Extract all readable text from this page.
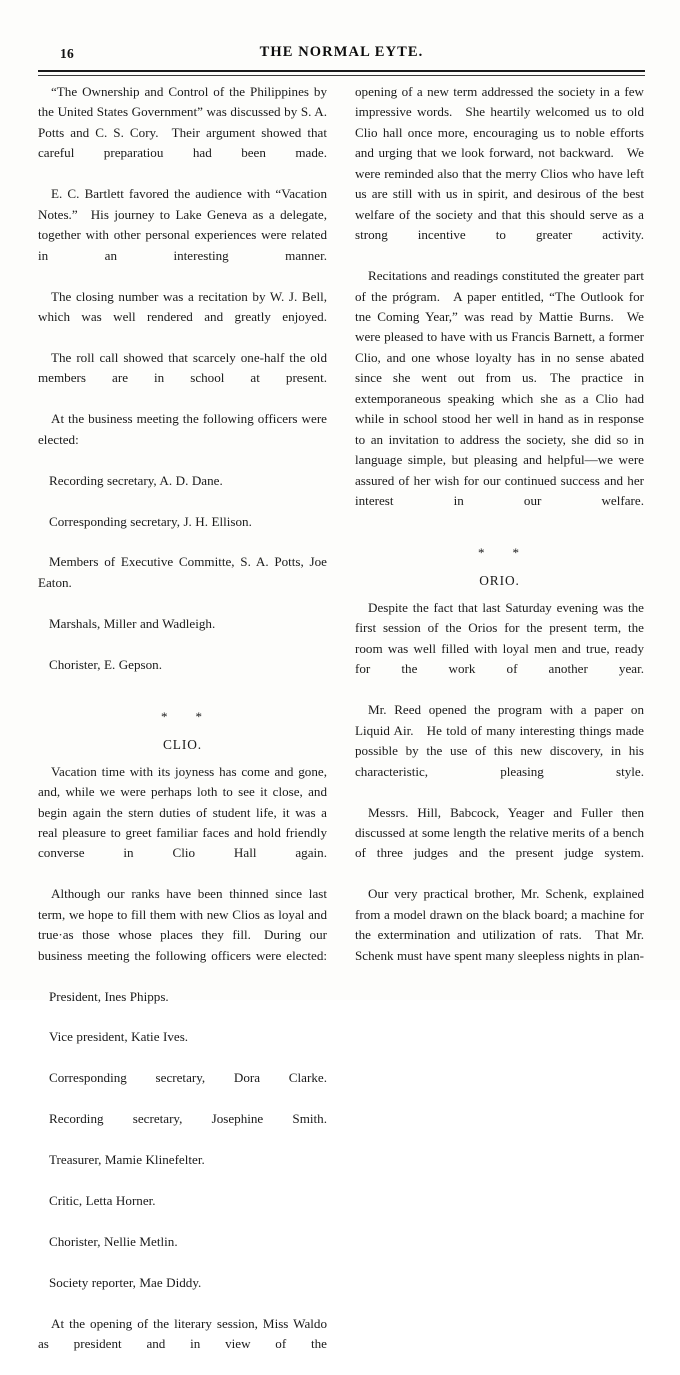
16	THE NORMAL EYTE.

“The Ownership and Control of the Philippines by the United States Government” was discussed by S. A. Potts and C. S. Cory. Their argument showed that careful preparatiou had been made.

E. C. Bartlett favored the audience with “Vacation Notes.” His journey to Lake Geneva as a delegate, together with other personal experiences were related in an interesting manner.

The closing number was a recitation by W. J. Bell, which was well rendered and greatly enjoyed.

The roll call showed that scarcely one-half the old members are in school at present.

At the business meeting the following officers were elected:

Recording secretary, A. D. Dane.

Corresponding secretary, J. H. Ellison.

Members of Executive Committe, S. A. Potts, Joe Eaton.

Marshals, Miller and Wadleigh.

Chorister, E. Gepson.

* *

CLIO.

Vacation time with its joyness has come and gone, and, while we were perhaps loth to see it close, and begin again the stern duties of student life, it was a real pleasure to greet familiar faces and hold friendly converse in Clio Hall again.

Although our ranks have been thinned since last term, we hope to fill them with new Clios as loyal and true·as those whose places they fill. During our business meeting the following officers were elected:

President, Ines Phipps.

Vice president, Katie Ives.

Corresponding secretary, Dora Clarke.

Recording secretary, Josephine Smith.

Treasurer, Mamie Klinefelter.

Critic, Letta Horner.

Chorister, Nellie Metlin.

Society reporter, Mae Diddy.

At the opening of the literary session, Miss Waldo as president and in view of the

opening of a new term addressed the society in a few impressive words. She heartily welcomed us to old Clio hall once more, encouraging us to noble efforts and urging that we look forward, not backward. We were reminded also that the merry Clios who have left us are still with us in spirit, and desirous of the best welfare of the society and that this should serve as a strong incentive to greater activity.

Recitations and readings constituted the greater part of the prógram. A paper entitled, “The Outlook for tne Coming Year,” was read by Mattie Burns. We were pleased to have with us Francis Barnett, a former Clio, and one whose loyalty has in no sense abated since she went out from us. The practice in extemporaneous speaking which she as a Clio had while in school stood her well in hand as in response to an invitation to address the society, she did so in language simple, but pleasing and helpful—we were assured of her wish for our continued success and her interest in our welfare.

* *

ORIO.

Despite the fact that last Saturday evening was the first session of the Orios for the present term, the room was well filled with loyal men and true, ready for the work of another year.

Mr. Reed opened the program with a paper on Liquid Air. He told of many interesting things made possible by the use of this new discovery, in his characteristic, pleasing style.

Messrs. Hill, Babcock, Yeager and Fuller then discussed at some length the relative merits of a bench of three judges and the present judge system.

Our very practical brother, Mr. Schenk, explained from a model drawn on the black board; a machine for the extermination and utilization of rats. That Mr. Schenk must have spent many sleepless nights in plan-
